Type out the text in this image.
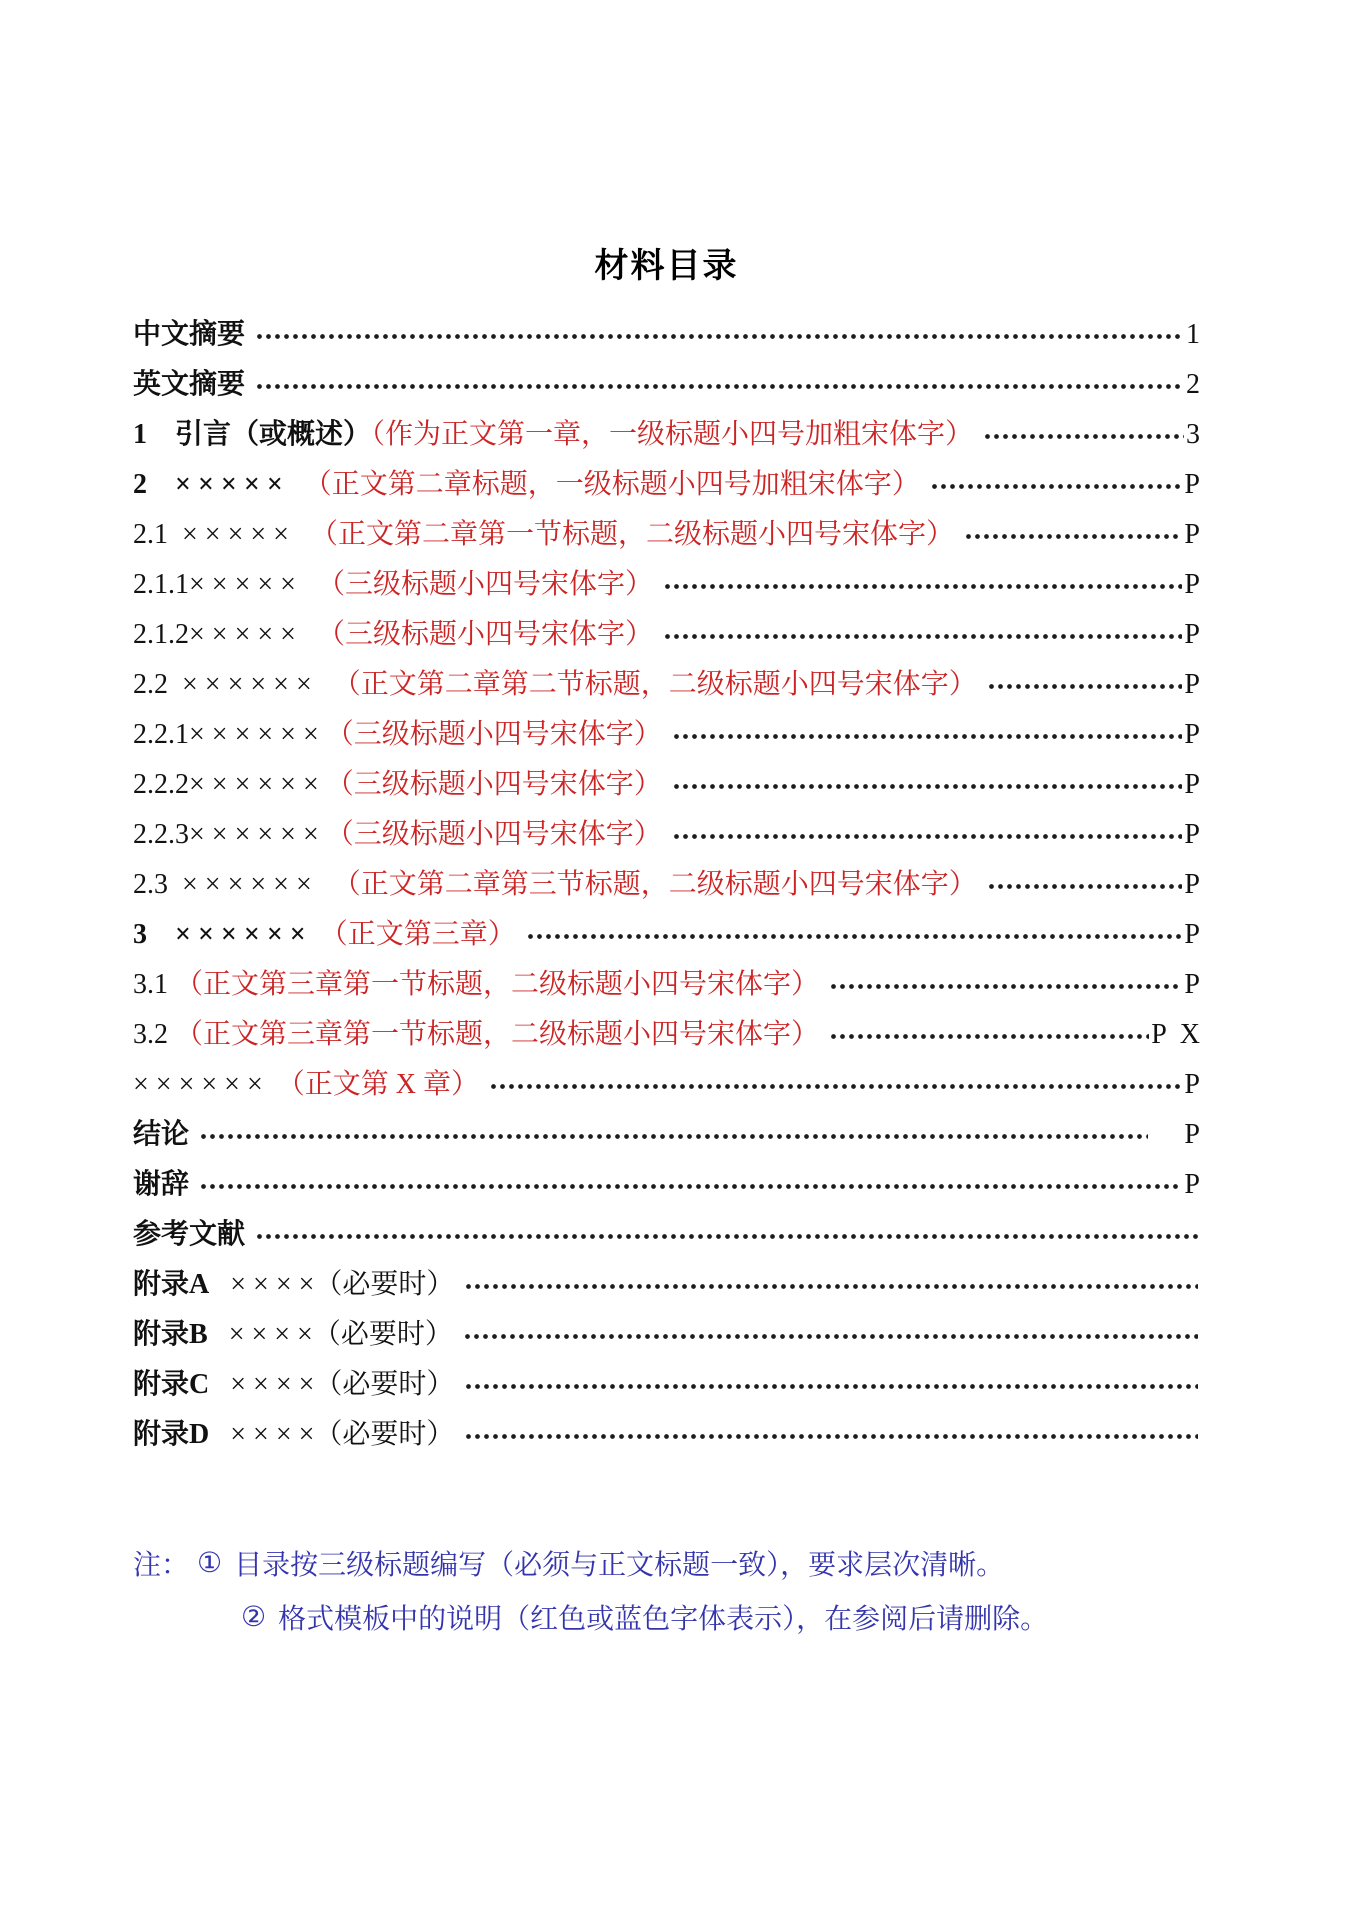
材料目录
中文摘要	1
英文摘要	2
1    引言（或概述）（作为正文第一章，一级标题小四号加粗宋体字）	3
2    × × × × ×   （正文第二章标题，一级标题小四号加粗宋体字）	P
2.1  × × × × ×   （正文第二章第一节标题，二级标题小四号宋体字）	P
2.1.1× × × × ×   （三级标题小四号宋体字）	P
2.1.2× × × × ×   （三级标题小四号宋体字）	P
2.2  × × × × × ×   （正文第二章第二节标题，二级标题小四号宋体字）	P
2.2.1× × × × × × （三级标题小四号宋体字）	P
2.2.2× × × × × × （三级标题小四号宋体字）	P
2.2.3× × × × × × （三级标题小四号宋体字）	P
2.3  × × × × × ×   （正文第二章第三节标题，二级标题小四号宋体字）	P
3    × × × × × ×  （正文第三章）	P
3.1 （正文第三章第一节标题，二级标题小四号宋体字）	P
3.2 （正文第三章第一节标题，二级标题小四号宋体字）	P  X
× × × × × ×  （正文第 X 章）	P
结论	P
谢辞	P
参考文献
附录A   × × × ×（必要时）
附录B   × × × ×（必要时）
附录C   × × × ×（必要时）
附录D   × × × ×（必要时）
注： ① 目录按三级标题编写（必须与正文标题一致），要求层次清晰。
② 格式模板中的说明（红色或蓝色字体表示），在参阅后请删除。
